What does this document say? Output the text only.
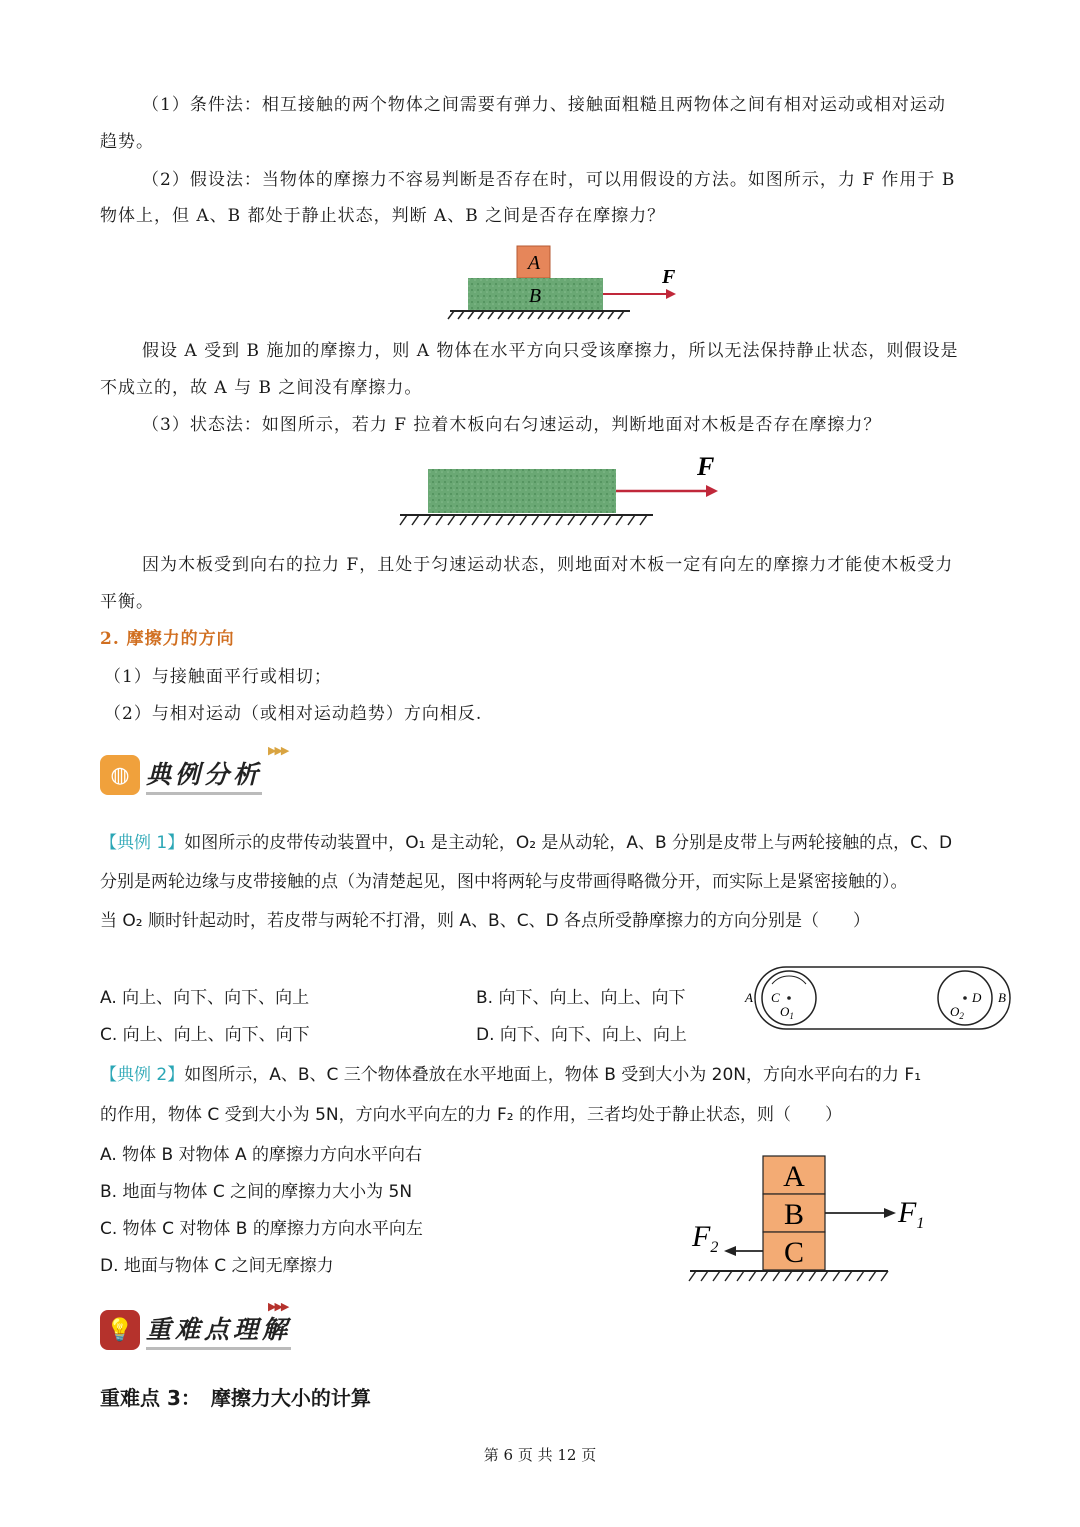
（1）条件法：相互接触的两个物体之间需要有弹力、接触面粗糙且两物体之间有相对运动或相对运动
趋势。
（2）假设法：当物体的摩擦力不容易判断是否存在时，可以用假设的方法。如图所示，力 F 作用于 B
物体上，但 A、B 都处于静止状态，判断 A、B 之间是否存在摩擦力？
A
B
F
假设 A 受到 B 施加的摩擦力，则 A 物体在水平方向只受该摩擦力，所以无法保持静止状态，则假设是
不成立的，故 A 与 B 之间没有摩擦力。
（3）状态法：如图所示，若力 F 拉着木板向右匀速运动，判断地面对木板是否存在摩擦力？
F
因为木板受到向右的拉力 F，且处于匀速运动状态，则地面对木板一定有向左的摩擦力才能使木板受力
平衡。
2. 摩擦力的方向
（1）与接触面平行或相切；
（2）与相对运动（或相对运动趋势）方向相反.
◍ 典例分析
▶▶▶
【典例 1】如图所示的皮带传动装置中，O₁ 是主动轮，O₂ 是从动轮，A、B 分别是皮带上与两轮接触的点，C、D
分别是两轮边缘与皮带接触的点（为清楚起见，图中将两轮与皮带画得略微分开，而实际上是紧密接触的）。
当 O₂ 顺时针起动时，若皮带与两轮不打滑，则 A、B、C、D 各点所受静摩擦力的方向分别是（　　）
A. 向上、向下、向下、向上	B. 向下、向上、向上、向下
C. 向上、向上、向下、向下	D. 向下、向下、向上、向上
A C
$O_1$
D B
$O_2$
【典例 2】如图所示，A、B、C 三个物体叠放在水平地面上，物体 B 受到大小为 20N，方向水平向右的力 F₁
的作用，物体 C 受到大小为 5N，方向水平向左的力 F₂ 的作用，三者均处于静止状态，则（　　）
A. 物体 B 对物体 A 的摩擦力方向水平向右
B. 地面与物体 C 之间的摩擦力大小为 5N
C. 物体 C 对物体 B 的摩擦力方向水平向左
D. 地面与物体 C 之间无摩擦力
A
B
C
$F_1$
$F_2$
💡 重难点理解
▶▶▶
重难点 3：　摩擦力大小的计算
第 6 页 共 12 页
